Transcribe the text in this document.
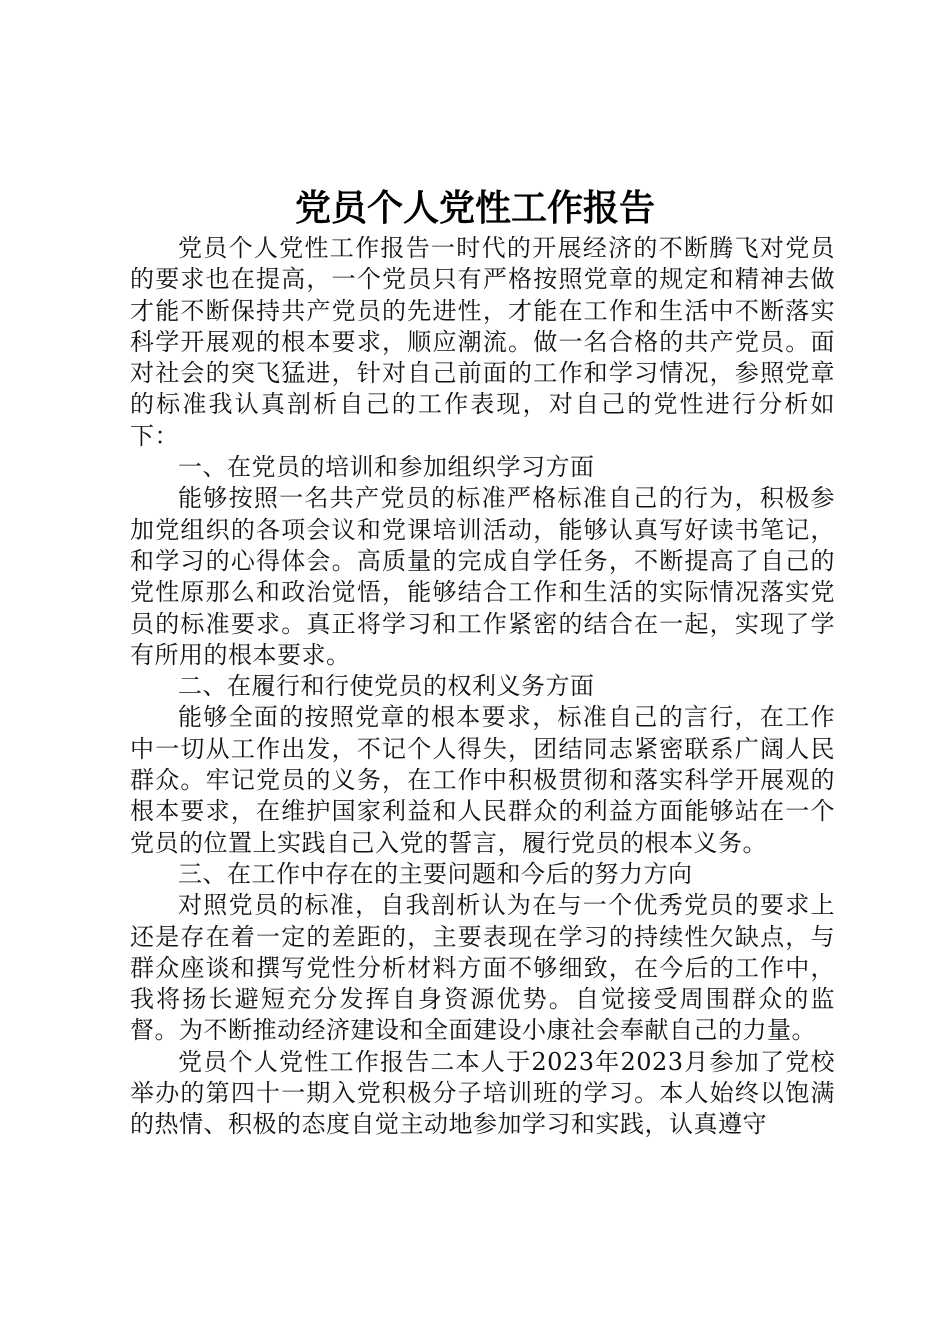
党员个人党性工作报告

党员个人党性工作报告一时代的开展经济的不断腾飞对党员的要求也在提高，一个党员只有严格按照党章的规定和精神去做才能不断保持共产党员的先进性，才能在工作和生活中不断落实科学开展观的根本要求，顺应潮流。做一名合格的共产党员。面对社会的突飞猛进，针对自己前面的工作和学习情况，参照党章的标准我认真剖析自己的工作表现，对自己的党性进行分析如下：

一、在党员的培训和参加组织学习方面

能够按照一名共产党员的标准严格标准自己的行为，积极参加党组织的各项会议和党课培训活动，能够认真写好读书笔记，和学习的心得体会。高质量的完成自学任务，不断提高了自己的党性原那么和政治觉悟，能够结合工作和生活的实际情况落实党员的标准要求。真正将学习和工作紧密的结合在一起，实现了学有所用的根本要求。

二、在履行和行使党员的权利义务方面

能够全面的按照党章的根本要求，标准自己的言行，在工作中一切从工作出发，不记个人得失，团结同志紧密联系广阔人民群众。牢记党员的义务，在工作中积极贯彻和落实科学开展观的根本要求，在维护国家利益和人民群众的利益方面能够站在一个党员的位置上实践自己入党的誓言，履行党员的根本义务。

三、在工作中存在的主要问题和今后的努力方向

对照党员的标准，自我剖析认为在与一个优秀党员的要求上还是存在着一定的差距的，主要表现在学习的持续性欠缺点，与群众座谈和撰写党性分析材料方面不够细致，在今后的工作中，我将扬长避短充分发挥自身资源优势。自觉接受周围群众的监督。为不断推动经济建设和全面建设小康社会奉献自己的力量。

党员个人党性工作报告二本人于2023年2023月参加了党校举办的第四十一期入党积极分子培训班的学习。本人始终以饱满的热情、积极的态度自觉主动地参加学习和实践，认真遵守
